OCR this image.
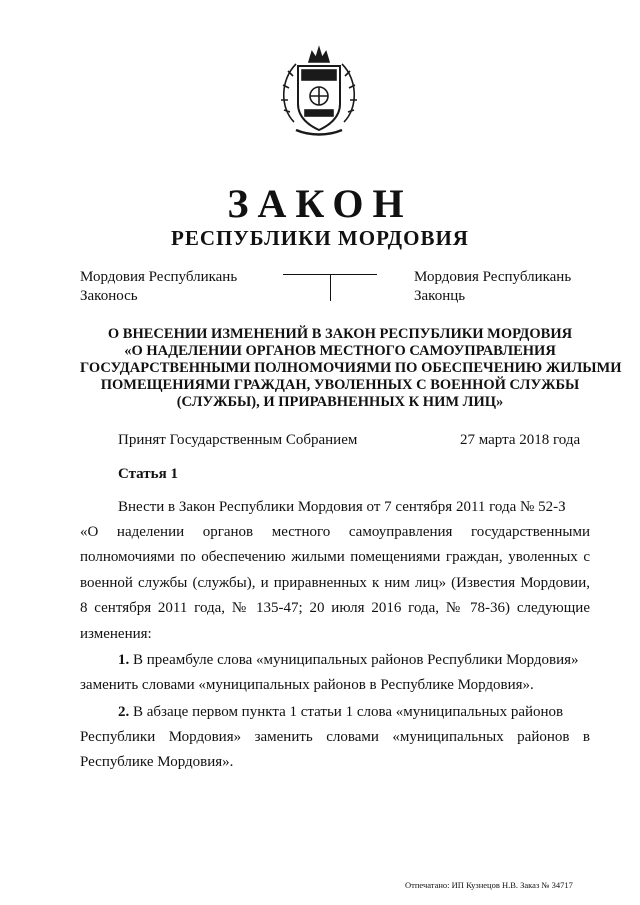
ЗАКОН
РЕСПУБЛИКИ МОРДОВИЯ
Мордовия Республикань
Законось
Мордовия Республикань
Законць
О ВНЕСЕНИИ ИЗМЕНЕНИЙ В ЗАКОН РЕСПУБЛИКИ МОРДОВИЯ
«О НАДЕЛЕНИИ ОРГАНОВ МЕСТНОГО САМОУПРАВЛЕНИЯ
ГОСУДАРСТВЕННЫМИ ПОЛНОМОЧИЯМИ ПО ОБЕСПЕЧЕНИЮ ЖИЛЫМИ
ПОМЕЩЕНИЯМИ ГРАЖДАН, УВОЛЕННЫХ С ВОЕННОЙ СЛУЖБЫ
(СЛУЖБЫ), И ПРИРАВНЕННЫХ К НИМ ЛИЦ»
Принят Государственным Собранием	27 марта 2018 года
Статья 1
Внести в Закон Республики Мордовия от 7 сентября 2011 года № 52-З
«О наделении органов местного самоуправления государственными
полномочиями по обеспечению жилыми помещениями граждан, уволенных с
военной службы (службы), и приравненных к ним лиц» (Известия Мордовии,
8 сентября 2011 года, № 135-47; 20 июля 2016 года, № 78-36) следующие
изменения:
1. В преамбуле слова «муниципальных районов Республики Мордовия»
заменить словами «муниципальных районов в Республике Мордовия».
2. В абзаце первом пункта 1 статьи 1 слова «муниципальных районов
Республики Мордовия» заменить словами «муниципальных районов в
Республике Мордовия».
Отпечатано: ИП Кузнецов Н.В. Заказ № 34717
